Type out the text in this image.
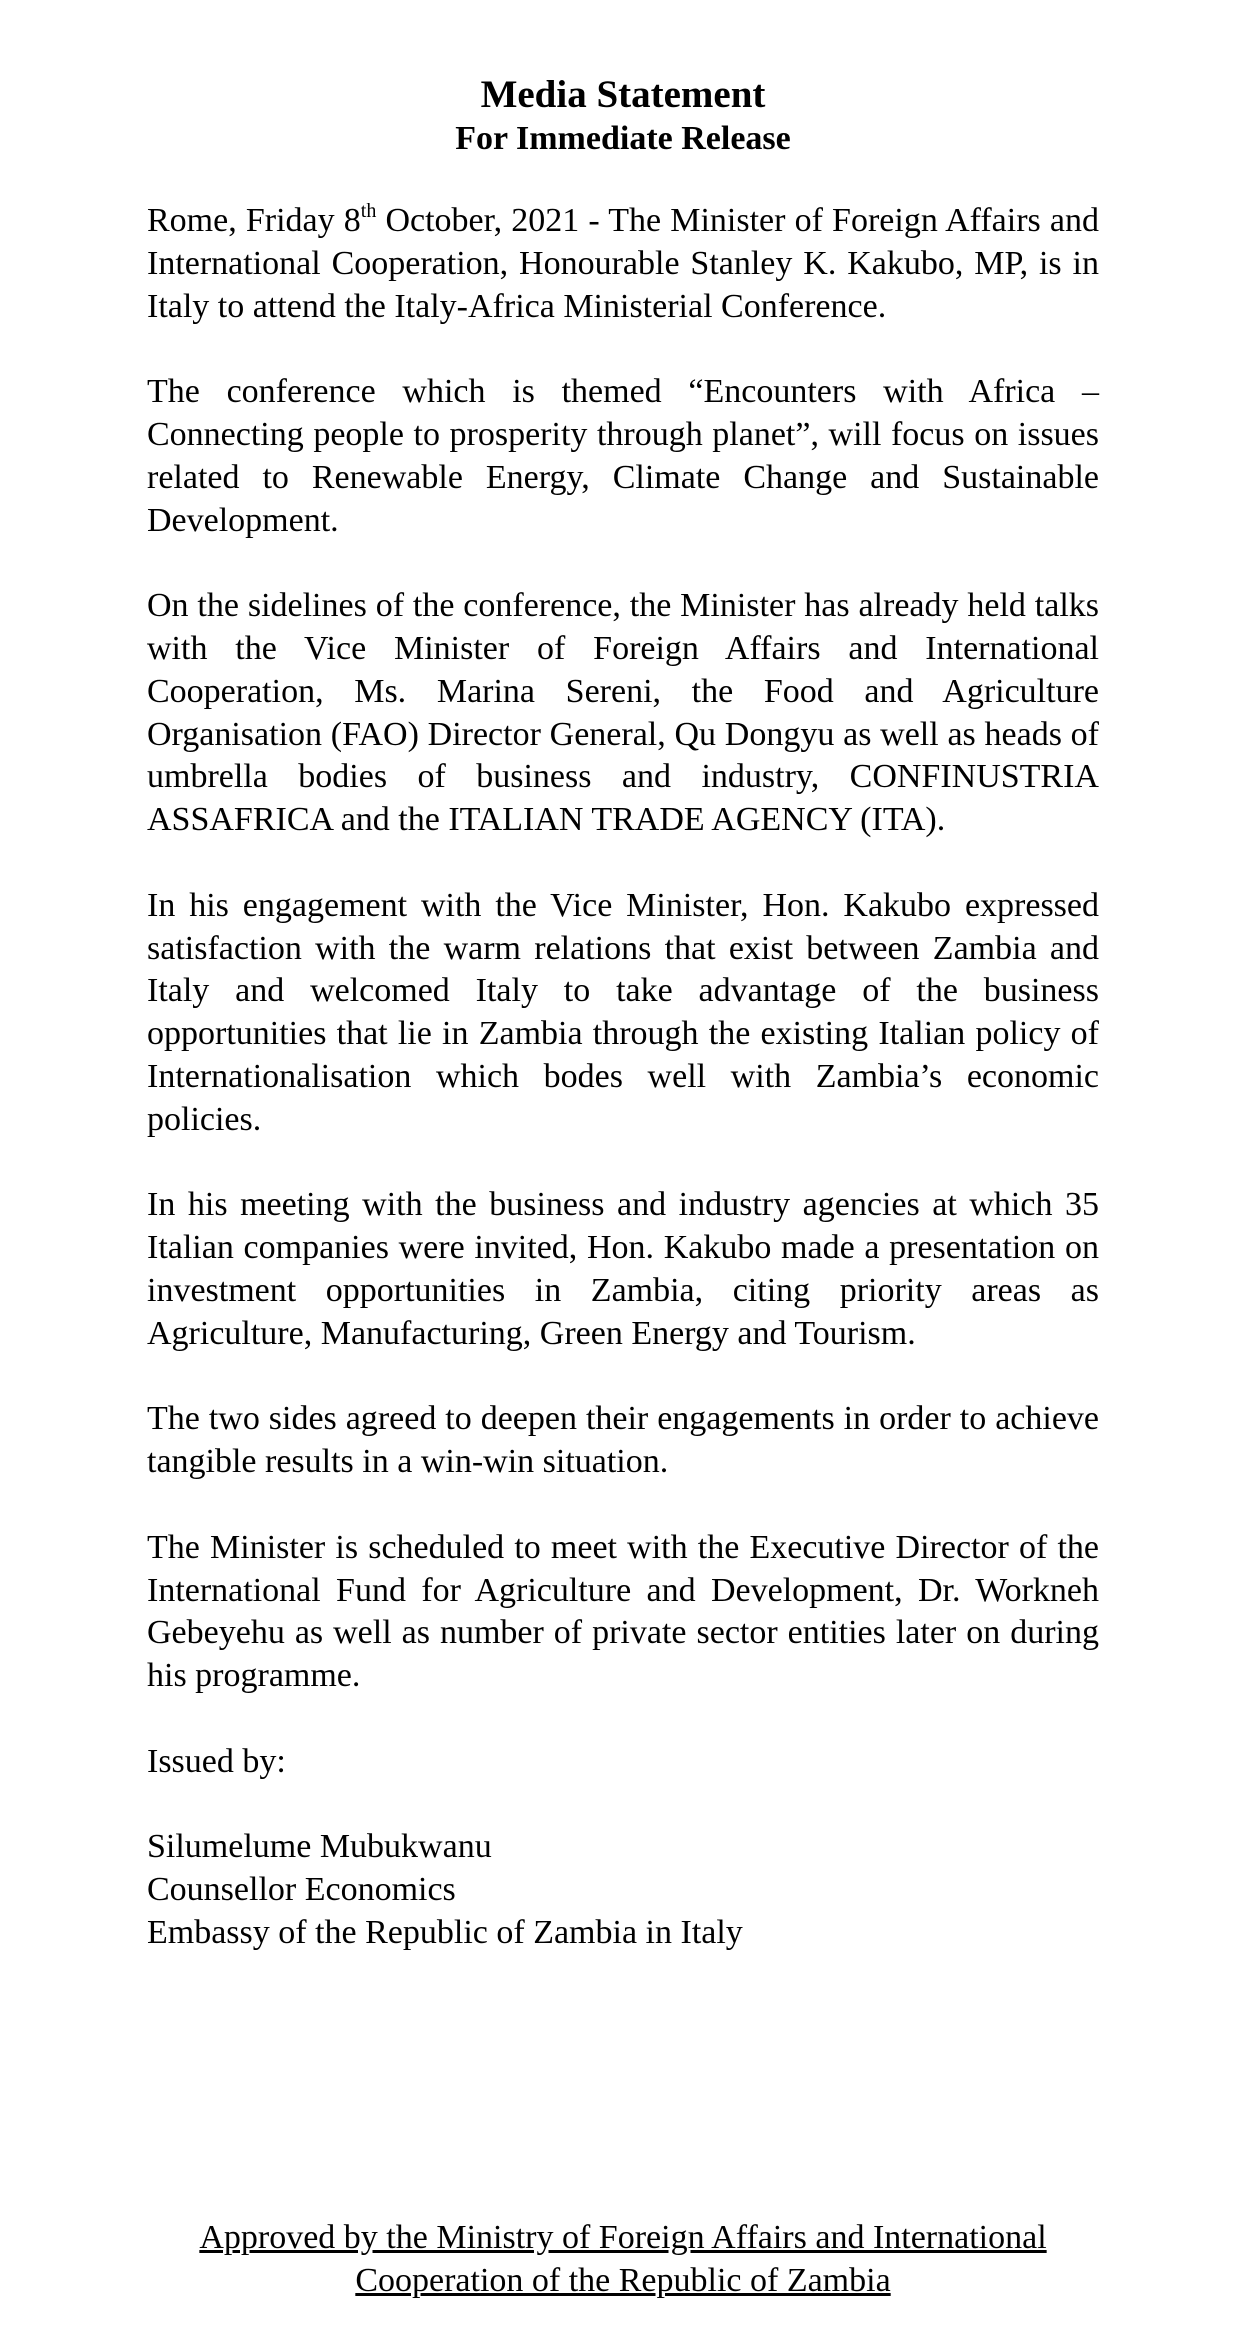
Media Statement
For Immediate Release

Rome, Friday 8th October, 2021 - The Minister of Foreign Affairs and International Cooperation, Honourable Stanley K. Kakubo, MP, is in Italy to attend the Italy-Africa Ministerial Conference.

The conference which is themed “Encounters with Africa – Connecting people to prosperity through planet”, will focus on issues related to Renewable Energy, Climate Change and Sustainable Development.

On the sidelines of the conference, the Minister has already held talks with the Vice Minister of Foreign Affairs and International Cooperation, Ms. Marina Sereni, the Food and Agriculture Organisation (FAO) Director General, Qu Dongyu as well as heads of umbrella bodies of business and industry, CONFINUSTRIA ASSAFRICA and the ITALIAN TRADE AGENCY (ITA).

In his engagement with the Vice Minister, Hon. Kakubo expressed satisfaction with the warm relations that exist between Zambia and Italy and welcomed Italy to take advantage of the business opportunities that lie in Zambia through the existing Italian policy of Internationalisation which bodes well with Zambia’s economic policies.

In his meeting with the business and industry agencies at which 35 Italian companies were invited, Hon. Kakubo made a presentation on investment opportunities in Zambia, citing priority areas as Agriculture, Manufacturing, Green Energy and Tourism.

The two sides agreed to deepen their engagements in order to achieve tangible results in a win-win situation.

The Minister is scheduled to meet with the Executive Director of the International Fund for Agriculture and Development, Dr. Workneh Gebeyehu as well as number of private sector entities later on during his programme.

Issued by:

Silumelume Mubukwanu
Counsellor Economics
Embassy of the Republic of Zambia in Italy
Approved by the Ministry of Foreign Affairs and International
Cooperation of the Republic of Zambia
